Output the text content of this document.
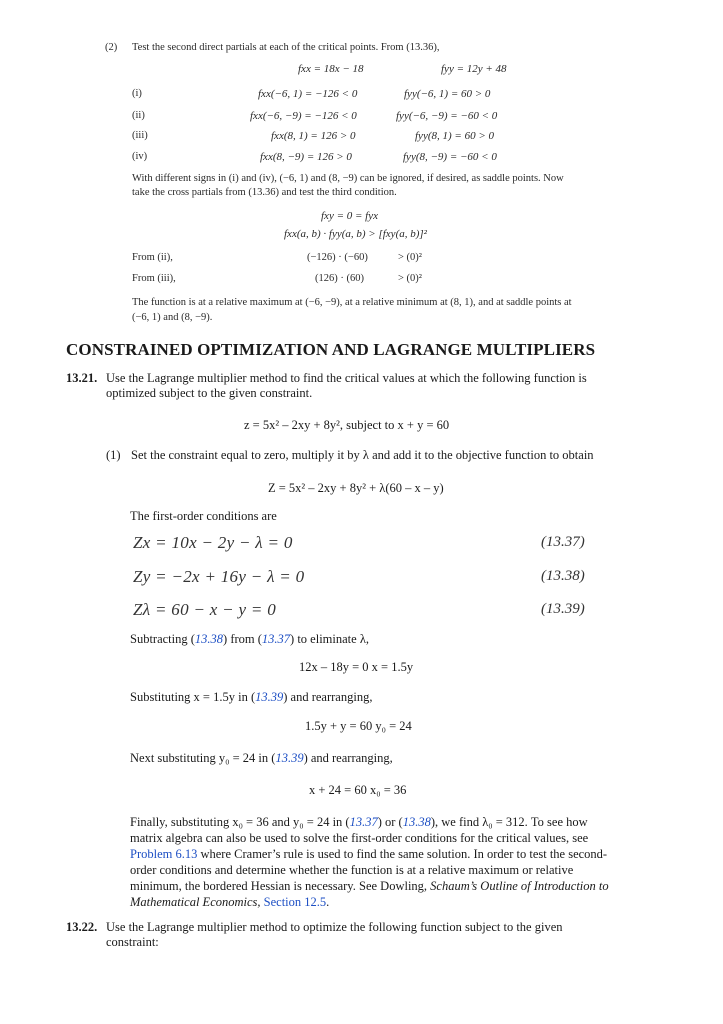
(2) Test the second direct partials at each of the critical points. From (13.36),
fxx = 18x − 18	fyy = 12y + 48
(i)	fxx(−6, 1) = −126 < 0	fyy(−6, 1) = 60 > 0
(ii)	fxx(−6, −9) = −126 < 0	fyy(−6, −9) = −60 < 0
(iii)	fxx(8, 1) = 126 > 0	fyy(8, 1) = 60 > 0
(iv)	fxx(8, −9) = 126 > 0	fyy(8, −9) = −60 < 0
With different signs in (i) and (iv), (−6, 1) and (8, −9) can be ignored, if desired, as saddle points. Now
take the cross partials from (13.36) and test the third condition.
fxy = 0 = fyx
fxx(a, b) · fyy(a, b) > [fxy(a, b)]²
From (ii),	(−126) · (−60)	> (0)²
From (iii),	(126) · (60)	> (0)²
The function is at a relative maximum at (−6, −9), at a relative minimum at (8, 1), and at saddle points at
(−6, 1) and (8, −9).
CONSTRAINED OPTIMIZATION AND LAGRANGE MULTIPLIERS
13.21. Use the Lagrange multiplier method to find the critical values at which the following function is
optimized subject to the given constraint.
z = 5x² – 2xy + 8y², subject to x + y = 60
(1) Set the constraint equal to zero, multiply it by λ and add it to the objective function to obtain
Z = 5x² – 2xy + 8y² + λ(60 – x – y)
The first-order conditions are
Zx = 10x − 2y − λ = 0	(13.37)
Zy = −2x + 16y − λ = 0	(13.38)
Zλ = 60 − x − y = 0	(13.39)
Subtracting (13.38) from (13.37) to eliminate λ,
12x – 18y = 0 x = 1.5y
Substituting x = 1.5y in (13.39) and rearranging,
1.5y + y = 60 y₀ = 24
Next substituting y₀ = 24 in (13.39) and rearranging,
x + 24 = 60 x₀ = 36
Finally, substituting x₀ = 36 and y₀ = 24 in (13.37) or (13.38), we find λ₀ = 312. To see how
matrix algebra can also be used to solve the first-order conditions for the critical values, see
Problem 6.13 where Cramer’s rule is used to find the same solution. In order to test the second-
order conditions and determine whether the function is at a relative maximum or relative
minimum, the bordered Hessian is necessary. See Dowling, Schaum’s Outline of Introduction to
Mathematical Economics, Section 12.5.
13.22. Use the Lagrange multiplier method to optimize the following function subject to the given
constraint:
